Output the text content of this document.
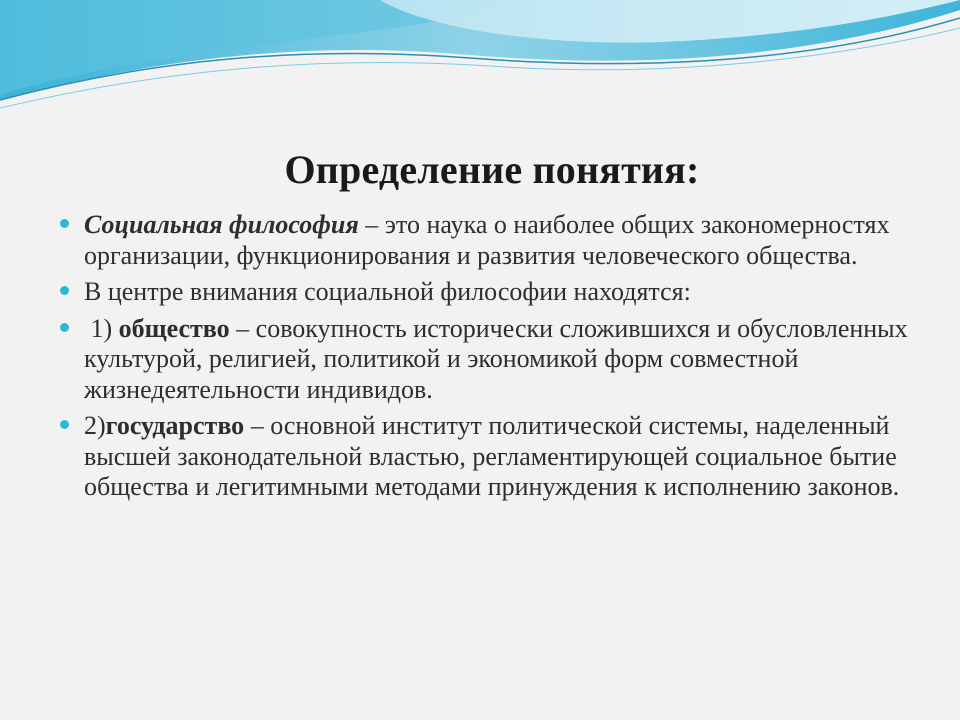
Определение понятия:
Социальная философия – это наука о наиболее общих закономерностях организации, функционирования и развития человеческого общества.
В центре внимания социальной философии находятся:
1) общество – совокупность исторически сложившихся и обусловленных культурой, религией, политикой и экономикой форм совместной жизнедеятельности индивидов.
2)государство – основной институт политической системы, наделенный высшей законодательной властью, регламентирующей социальное бытие общества и легитимными методами принуждения к исполнению законов.
